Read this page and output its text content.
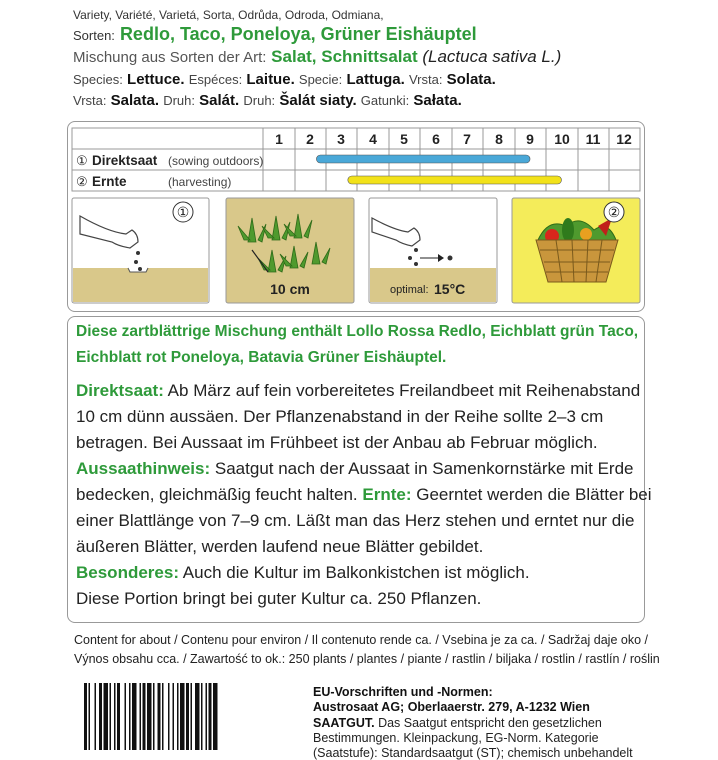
Variety, Variété, Varietá, Sorta, Odrůda, Odroda, Odmiana,
Sorten: Redlo, Taco, Poneloya, Grüner Eishäuptel
Mischung aus Sorten der Art: Salat, Schnittsalat (Lactuca sativa L.)
Species: Lettuce. Espéces: Laitue. Specie: Lattuga. Vrsta: Solata.
Vrsta: Salata. Druh: Salát. Druh: Šalát siaty. Gatunki: Sałata.
1 2 3 4 5 6 7 8 9 10 11 12
① Direktsaat (sowing outdoors)
② Ernte	(harvesting)
①
10 cm	optimal: 15°C
②
Diese zartblättrige Mischung enthält Lollo Rossa Redlo, Eichblatt grün Taco,
Eichblatt rot Poneloya, Batavia Grüner Eishäuptel.
Direktsaat: Ab März auf fein vorbereitetes Freilandbeet mit Reihenabstand
10 cm dünn aussäen. Der Pflanzenabstand in der Reihe sollte 2–3 cm
betragen. Bei Aussaat im Frühbeet ist der Anbau ab Februar möglich.
Aussaathinweis: Saatgut nach der Aussaat in Samenkornstärke mit Erde
bedecken, gleichmäßig feucht halten. Ernte: Geerntet werden die Blätter bei
einer Blattlänge von 7–9 cm. Läßt man das Herz stehen und erntet nur die
äußeren Blätter, werden laufend neue Blätter gebildet.
Besonderes: Auch die Kultur im Balkonkistchen ist möglich.
Diese Portion bringt bei guter Kultur ca. 250 Pflanzen.
Content for about / Contenu pour environ / Il contenuto rende ca. / Vsebina je za ca. / Sadržaj daje oko /
Výnos obsahu cca. / Zawartość to ok.: 250 plants / plantes / piante / rastlin / biljaka / rostlin / rastlín / roślin
EU-Vorschriften und -Normen:
Austrosaat AG; Oberlaaerstr. 279, A-1232 Wien
SAATGUT. Das Saatgut entspricht den gesetzlichen
Bestimmungen. Kleinpackung, EG-Norm. Kategorie
(Saatstufe): Standardsaatgut (ST); chemisch unbehandelt
